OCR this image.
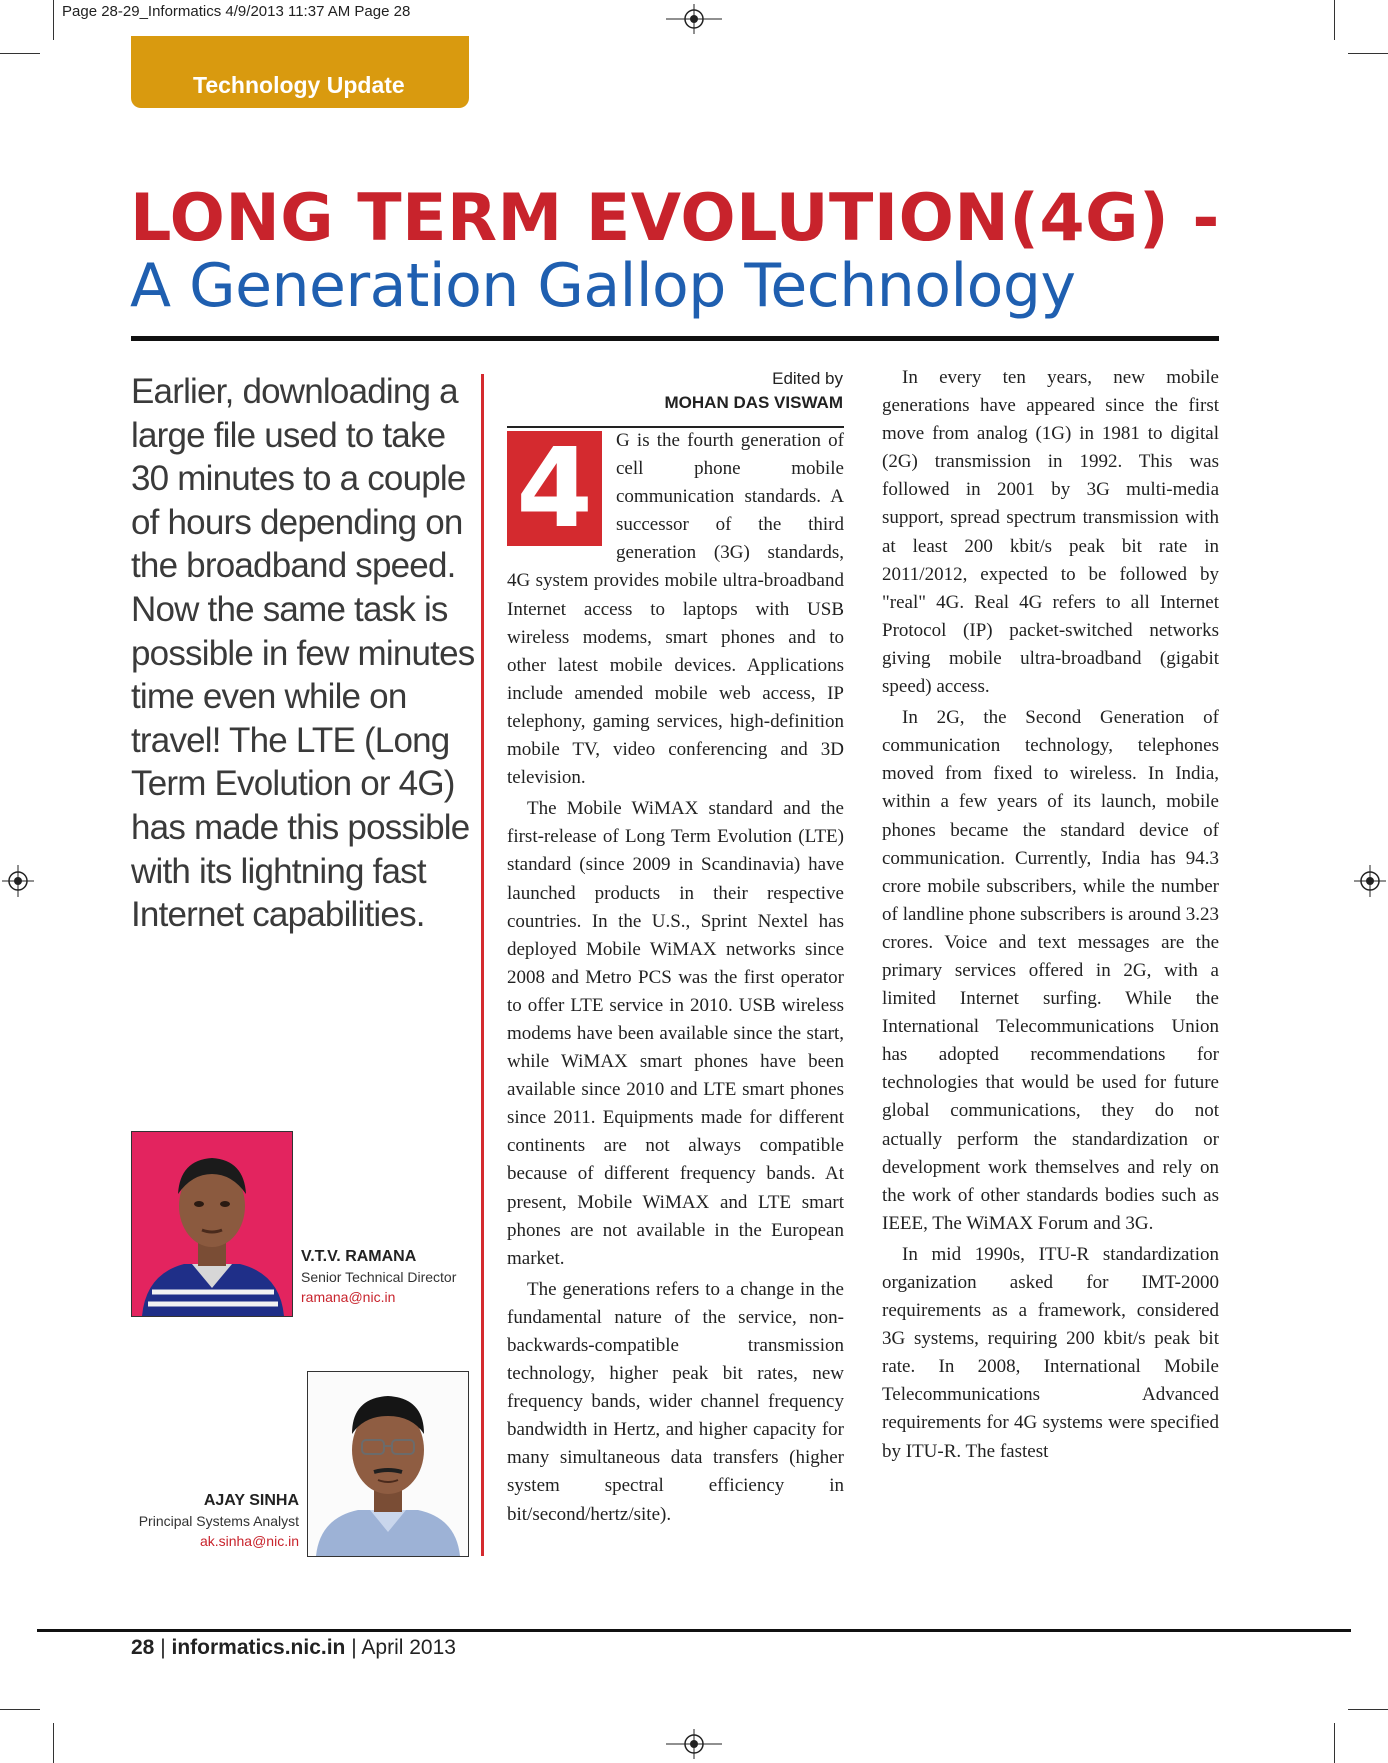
Page 28-29_Informatics 4/9/2013 11:37 AM Page 28
Technology Update
LONG TERM EVOLUTION(4G) -
A Generation Gallop Technology
Earlier, downloading a large file used to take 30 minutes to a couple of hours depending on the broadband speed. Now the same task is possible in few minutes time even while on travel! The LTE (Long Term Evolution or 4G) has made this possible with its lightning fast Internet capabilities.
V.T.V. RAMANA
Senior Technical Director
ramana@nic.in
AJAY SINHA
Principal Systems Analyst
ak.sinha@nic.in
Edited by
MOHAN DAS VISWAM
4	G is the fourth generation of cell phone mobile communication standards. A successor of the third generation (3G) standards, 4G system provides mobile ultra-broadband Internet access to laptops with USB wireless modems, smart phones and to other latest mobile devices. Applications include amended mobile web access, IP telephony, gaming services, high-definition mobile TV, video conferencing and 3D television.

The Mobile WiMAX standard and the first-release of Long Term Evolution (LTE) standard (since 2009 in Scandinavia) have launched products in their respective countries. In the U.S., Sprint Nextel has deployed Mobile WiMAX networks since 2008 and Metro PCS was the first operator to offer LTE service in 2010. USB wireless modems have been available since the start, while WiMAX smart phones have been available since 2010 and LTE smart phones since 2011. Equipments made for different continents are not always compatible because of different frequency bands. At present, Mobile WiMAX and LTE smart phones are not available in the European market.

The generations refers to a change in the fundamental nature of the service, non-backwards-compatible transmission technology, higher peak bit rates, new frequency bands, wider channel frequency bandwidth in Hertz, and higher capacity for many simultaneous data transfers (higher system spectral efficiency in bit/second/hertz/site).

In every ten years, new mobile generations have appeared since the first move from analog (1G) in 1981 to digital (2G) transmission in 1992. This was followed in 2001 by 3G multi-media support, spread spectrum transmission with at least 200 kbit/s peak bit rate in 2011/2012, expected to be followed by "real" 4G. Real 4G refers to all Internet Protocol (IP) packet-switched networks giving mobile ultra-broadband (gigabit speed) access.

In 2G, the Second Generation of communication technology, telephones moved from fixed to wireless. In India, within a few years of its launch, mobile phones became the standard device of communication. Currently, India has 94.3 crore mobile subscribers, while the number of landline phone subscribers is around 3.23 crores. Voice and text messages are the primary services offered in 2G, with a limited Internet surfing. While the International Telecommunications Union has adopted recommendations for technologies that would be used for future global communications, they do not actually perform the standardization or development work themselves and rely on the work of other standards bodies such as IEEE, The WiMAX Forum and 3G.

In mid 1990s, ITU-R standardization organization asked for IMT-2000 requirements as a framework, considered 3G systems, requiring 200 kbit/s peak bit rate. In 2008, International Mobile Telecommunications Advanced requirements for 4G systems were specified by ITU-R. The fastest

28 | informatics.nic.in | April 2013
